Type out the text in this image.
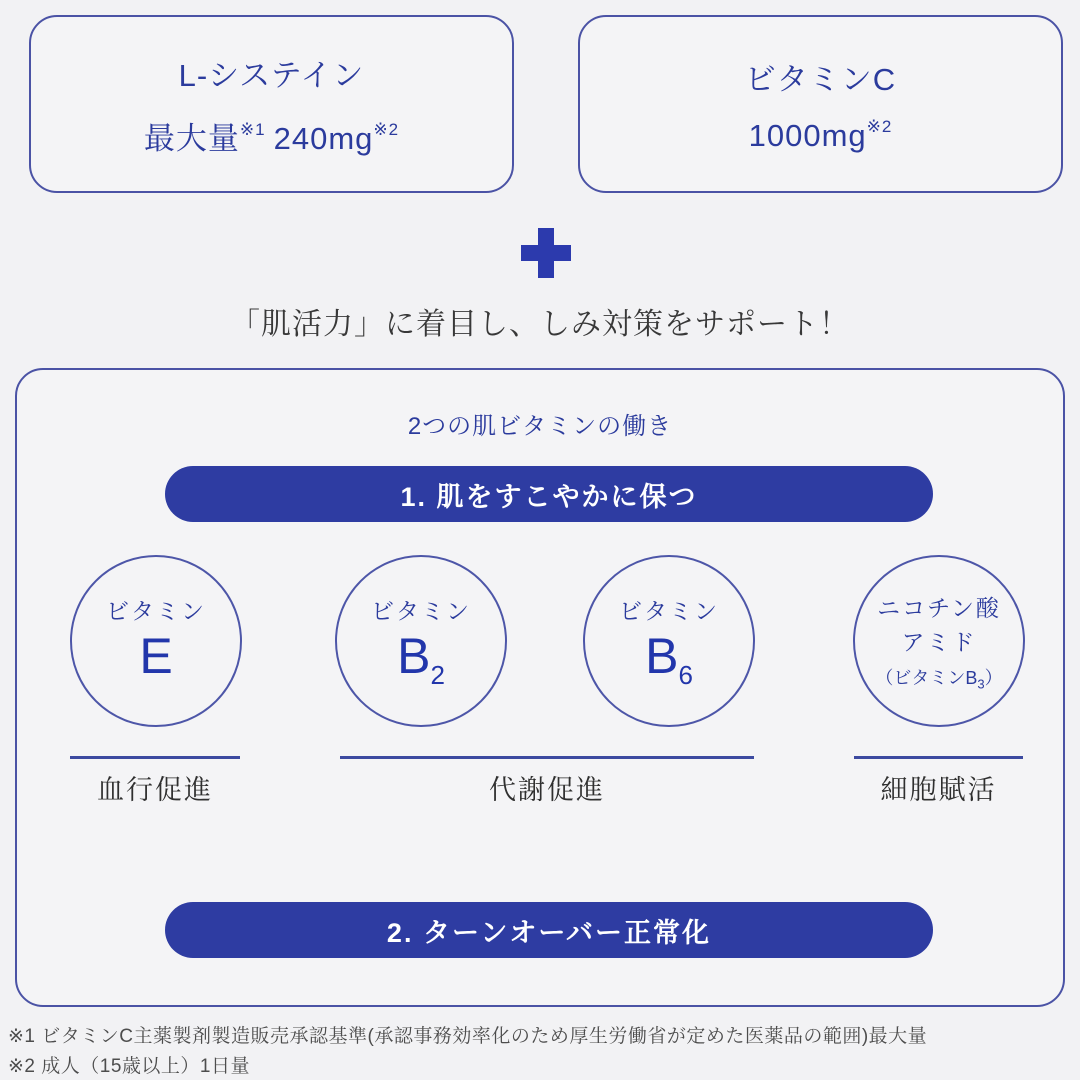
L-システイン
最大量$^{※1}$ $240mg^{※2}$
ビタミンC
$1000mg^{※2}$
「肌活力」に着目し、しみ対策をサポート！
2つの肌ビタミンの働き
1. 肌をすこやかに保つ
ビタミン
E
ビタミン
$B_2$
ビタミン
$B_6$
ニコチン酸
アミド
（ビタミン$B_3$）
血行促進	代謝促進	細胞賦活
2. ターンオーバー正常化
※1 ビタミンC主薬製剤製造販売承認基準(承認事務効率化のため厚生労働省が定めた医薬品の範囲)最大量
※2 成人（15歳以上）1日量
